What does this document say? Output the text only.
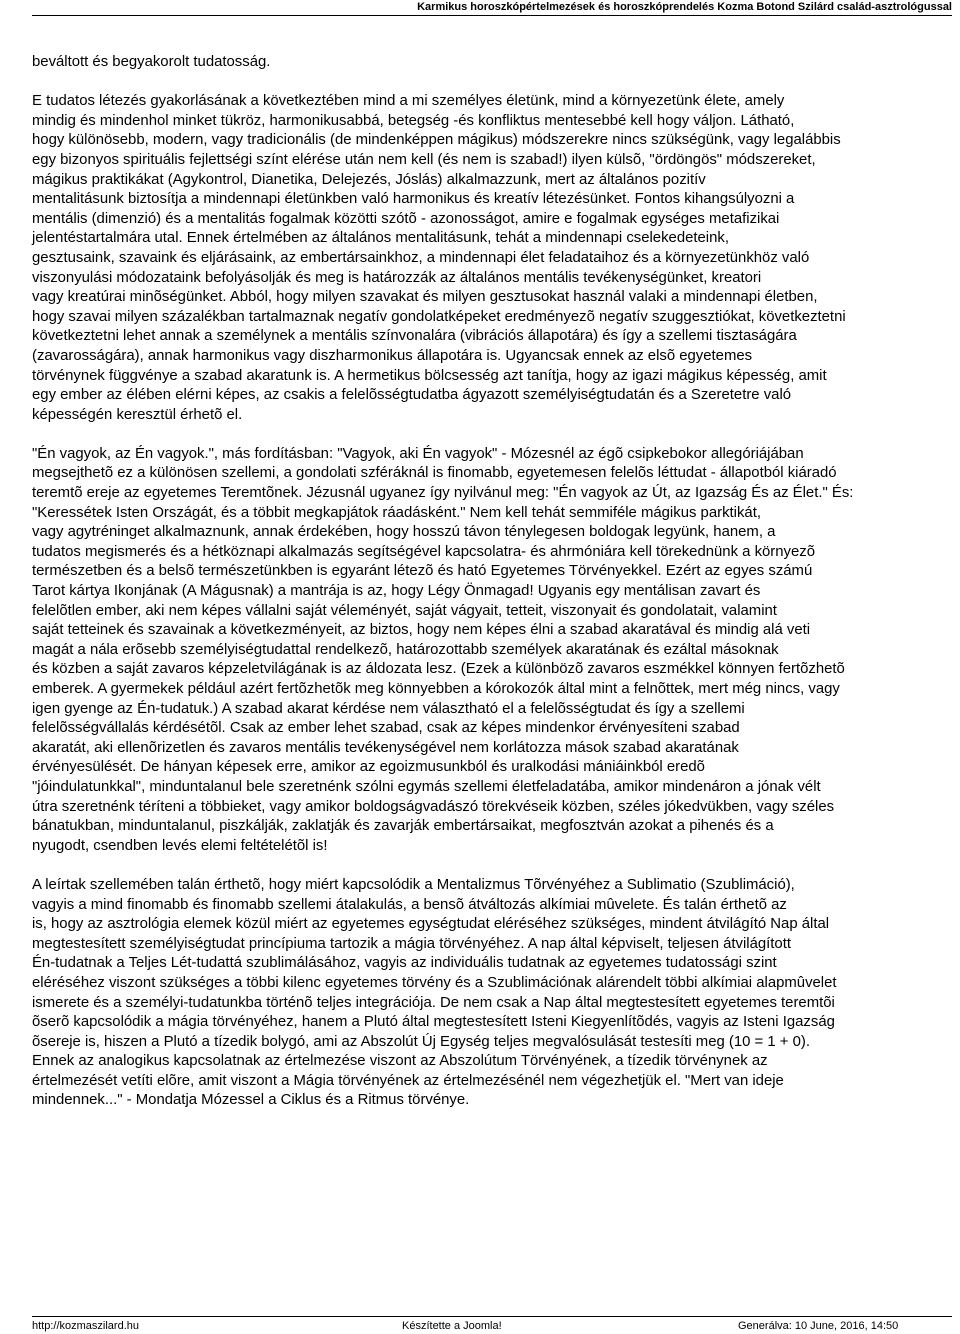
Karmikus horoszkópértelmezések és horoszkóprendelés Kozma Botond Szilárd család-asztrológussal

beváltott és begyakorolt tudatosság.

E tudatos létezés gyakorlásának a következtében mind a mi személyes életünk, mind a környezetünk élete, amely
mindig és mindenhol minket tükröz, harmonikusabbá, betegség -és konfliktus mentesebbé kell hogy váljon. Látható,
hogy különösebb, modern, vagy tradicionális (de mindenképpen mágikus) módszerekre nincs szükségünk, vagy legalábbis
egy bizonyos spirituális fejlettségi színt elérése után nem kell (és nem is szabad!) ilyen külsõ, "ördöngös" módszereket,
mágikus praktikákat (Agykontrol, Dianetika, Delejezés, Jóslás) alkalmazzunk, mert az általános pozitív
mentalitásunk biztosítja a mindennapi életünkben való harmonikus és kreatív létezésünket. Fontos kihangsúlyozni a
mentális (dimenzió) és a mentalitás fogalmak közötti szótõ - azonosságot, amire e fogalmak egységes metafizikai
jelentéstartalmára utal. Ennek értelmében az általános mentalitásunk, tehát a mindennapi cselekedeteink,
gesztusaink, szavaink és eljárásaink, az embertársainkhoz, a mindennapi élet feladataihoz és a környezetünkhöz való
viszonyulási módozataink befolyásolják és meg is határozzák az általános mentális tevékenységünket, kreatori
vagy kreatúrai minõségünket. Abból, hogy milyen szavakat és milyen gesztusokat használ valaki a mindennapi életben,
hogy szavai milyen százalékban tartalmaznak negatív gondolatképeket eredményezõ negatív szuggesztiókat, következtetni
következtetni lehet annak a személynek a mentális színvonalára (vibrációs állapotára) és így a szellemi tisztaságára
(zavarosságára), annak harmonikus vagy diszharmonikus állapotára is. Ugyancsak ennek az elsõ egyetemes
törvénynek függvénye a szabad akaratunk is. A hermetikus bölcsesség azt tanítja, hogy az igazi mágikus képesség, amit
egy ember az élében elérni képes, az csakis a felelõsségtudatba ágyazott személyiségtudatán és a Szeretetre való
képességén keresztül érhetõ el.

"Én vagyok, az Én vagyok.", más fordításban: "Vagyok, aki Én vagyok" - Mózesnél az égõ csipkebokor allegóriájában
megsejthetõ ez a különösen szellemi, a gondolati szféráknál is finomabb, egyetemesen felelõs léttudat - állapotból kiáradó
teremtõ ereje az egyetemes Teremtõnek. Jézusnál ugyanez így nyilvánul meg: "Én vagyok az Út, az Igazság És az Élet." És:
"Keressétek Isten Országát, és a többit megkapjátok ráadásként." Nem kell tehát semmiféle mágikus parktikát,
vagy agytréninget alkalmaznunk, annak érdekében, hogy hosszú távon ténylegesen boldogak legyünk, hanem, a
tudatos megismerés és a hétköznapi alkalmazás segítségével kapcsolatra- és ahrmóniára kell törekednünk a környezõ
természetben és a belsõ természetünkben is egyaránt létezõ és ható Egyetemes Törvényekkel. Ezért az egyes számú
Tarot kártya Ikonjának (A Mágusnak) a mantrája is az, hogy Légy Önmagad! Ugyanis egy mentálisan zavart és
felelõtlen ember, aki nem képes vállalni saját véleményét, saját vágyait, tetteit, viszonyait és gondolatait, valamint
saját tetteinek és szavainak a következményeit, az biztos, hogy nem képes élni a szabad akaratával és mindig alá veti
magát a nála erõsebb személyiségtudattal rendelkezõ, határozottabb személyek akaratának és ezáltal másoknak
és közben a saját zavaros képzeletvilágának is az áldozata lesz. (Ezek a különbözõ zavaros eszmékkel könnyen fertõzhetõ
emberek. A gyermekek például azért fertõzhetõk meg könnyebben a kórokozók által mint a felnõttek, mert még nincs, vagy
igen gyenge az Én-tudatuk.) A szabad akarat kérdése nem választható el a felelõsségtudat és így a szellemi
felelõsségvállalás kérdésétõl. Csak az ember lehet szabad, csak az képes mindenkor érvényesíteni szabad
akaratát, aki ellenõrizetlen és zavaros mentális tevékenységével nem korlátozza mások szabad akaratának
érvényesülését. De hányan képesek erre, amikor az egoizmusunkból és uralkodási mániáinkból eredõ
"jóindulatunkkal", minduntalanul bele szeretnénk szólni egymás szellemi életfeladatába, amikor mindenáron a jónak vélt
útra szeretnénk téríteni a többieket, vagy amikor boldogságvadászó törekvéseik közben, széles jókedvükben, vagy széles
bánatukban, minduntalanul, piszkálják, zaklatják és zavarják embertársaikat, megfosztván azokat a pihenés és a
nyugodt, csendben levés elemi feltételétõl is!

A leírtak szellemében talán érthetõ, hogy miért kapcsolódik a Mentalizmus Tõrvényéhez a Sublimatio (Szublimáció),
vagyis a mind finomabb és finomabb szellemi átalakulás, a bensõ átváltozás alkímiai mûvelete. És talán érthetõ az
is, hogy az asztrológia elemek közül miért az egyetemes egységtudat eléréséhez szükséges, mindent átvilágító Nap által
megtestesített személyiségtudat princípiuma tartozik a mágia törvényéhez. A nap által képviselt, teljesen átvilágított
Én-tudatnak a Teljes Lét-tudattá szublimálásához, vagyis az individuális tudatnak az egyetemes tudatossági szint
eléréséhez viszont szükséges a többi kilenc egyetemes törvény és a Szublimációnak alárendelt többi alkímiai alapmûvelet
ismerete és a személyi-tudatunkba történõ teljes integrációja. De nem csak a Nap által megtestesített egyetemes teremtõi
õserõ kapcsolódik a mágia törvényéhez, hanem a Plutó által megtestesített Isteni Kiegyenlítõdés, vagyis az Isteni Igazság
õsereje is, hiszen a Plutó a tízedik bolygó, ami az Abszolút Új Egység teljes megvalósulását testesíti meg (10 = 1 + 0).
Ennek az analogikus kapcsolatnak az értelmezése viszont az Abszolútum Törvényének, a tízedik törvénynek az
értelmezését vetíti elõre, amit viszont a Mágia törvényének az értelmezésénél nem végezhetjük el. "Mert van ideje
mindennek..." - Mondatja Mózessel a Ciklus és a Ritmus törvénye.

http://kozmaszilard.hu	Készítette a Joomla!	Generálva: 10 June, 2016, 14:50
